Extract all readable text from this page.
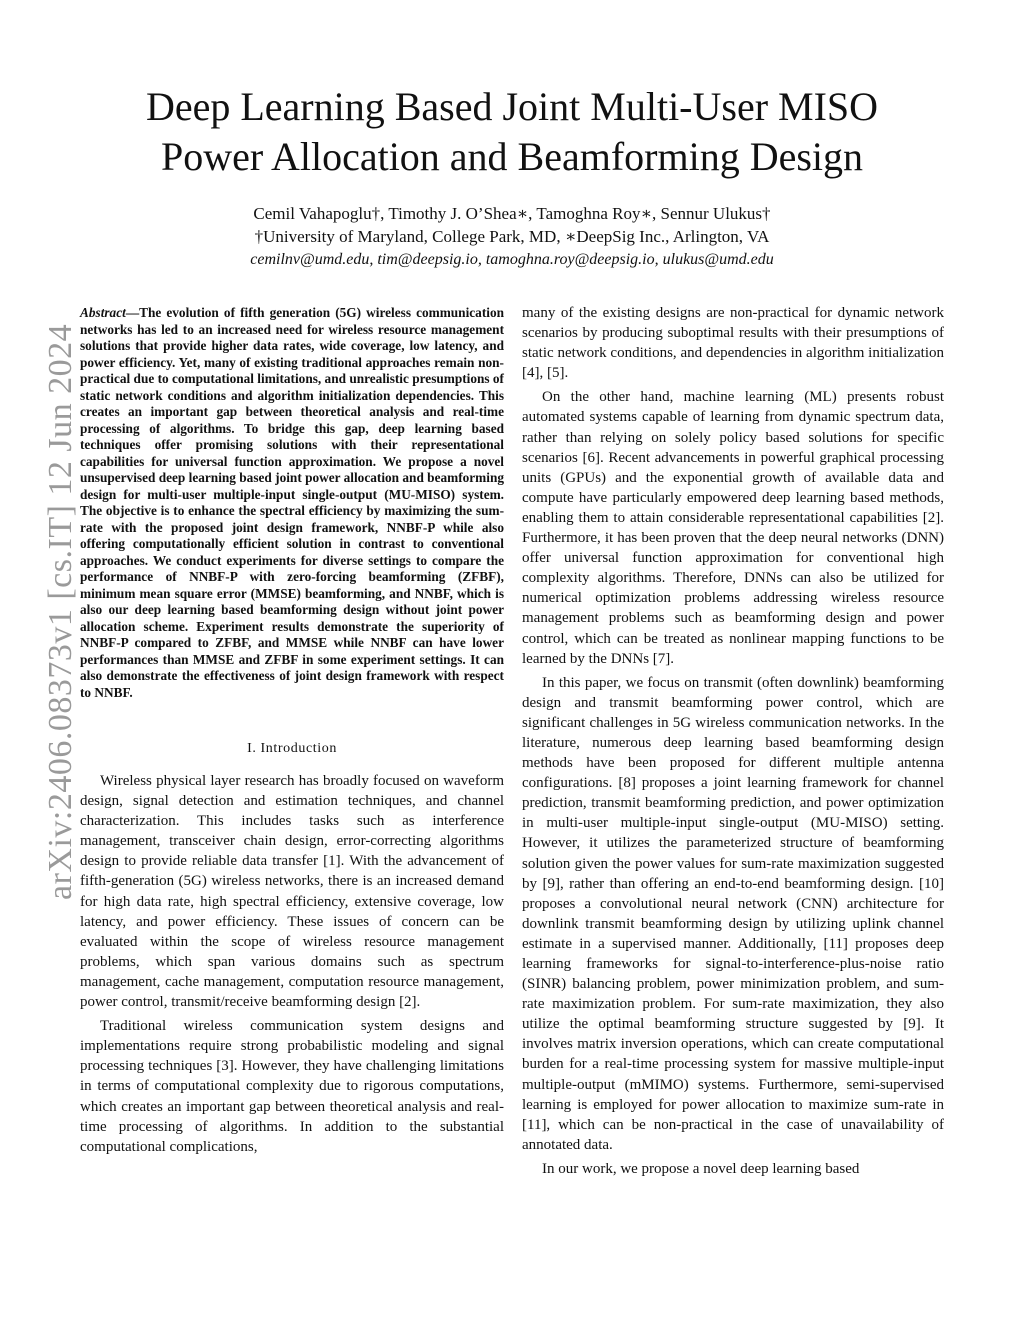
arXiv:2406.08373v1 [cs.IT] 12 Jun 2024
Deep Learning Based Joint Multi-User MISO
Power Allocation and Beamforming Design
Cemil Vahapoglu†, Timothy J. O’Shea∗, Tamoghna Roy∗, Sennur Ulukus†
†University of Maryland, College Park, MD, ∗DeepSig Inc., Arlington, VA
cemilnv@umd.edu, tim@deepsig.io, tamoghna.roy@deepsig.io, ulukus@umd.edu

Abstract—The evolution of fifth generation (5G) wireless communication networks has led to an increased need for wireless resource management solutions that provide higher data rates, wide coverage, low latency, and power efficiency. Yet, many of existing traditional approaches remain non-practical due to computational limitations, and unrealistic presumptions of static network conditions and algorithm initialization dependencies. This creates an important gap between theoretical analysis and real-time processing of algorithms. To bridge this gap, deep learning based techniques offer promising solutions with their representational capabilities for universal function approximation. We propose a novel unsupervised deep learning based joint power allocation and beamforming design for multi-user multiple-input single-output (MU-MISO) system. The objective is to enhance the spectral efficiency by maximizing the sum-rate with the proposed joint design framework, NNBF-P while also offering computationally efficient solution in contrast to conventional approaches. We conduct experiments for diverse settings to compare the performance of NNBF-P with zero-forcing beamforming (ZFBF), minimum mean square error (MMSE) beamforming, and NNBF, which is also our deep learning based beamforming design without joint power allocation scheme. Experiment results demonstrate the superiority of NNBF-P compared to ZFBF, and MMSE while NNBF can have lower performances than MMSE and ZFBF in some experiment settings. It can also demonstrate the effectiveness of joint design framework with respect to NNBF.

I. Introduction

Wireless physical layer research has broadly focused on waveform design, signal detection and estimation techniques, and channel characterization. This includes tasks such as interference management, transceiver chain design, error-correcting algorithms design to provide reliable data transfer [1]. With the advancement of fifth-generation (5G) wireless networks, there is an increased demand for high data rate, high spectral efficiency, extensive coverage, low latency, and power efficiency. These issues of concern can be evaluated within the scope of wireless resource management problems, which span various domains such as spectrum management, cache management, computation resource management, power control, transmit/receive beamforming design [2].

Traditional wireless communication system designs and implementations require strong probabilistic modeling and signal processing techniques [3]. However, they have challenging limitations in terms of computational complexity due to rigorous computations, which creates an important gap between theoretical analysis and real-time processing of algorithms. In addition to the substantial computational complications,

many of the existing designs are non-practical for dynamic network scenarios by producing suboptimal results with their presumptions of static network conditions, and dependencies in algorithm initialization [4], [5].

On the other hand, machine learning (ML) presents robust automated systems capable of learning from dynamic spectrum data, rather than relying on solely policy based solutions for specific scenarios [6]. Recent advancements in powerful graphical processing units (GPUs) and the exponential growth of available data and compute have particularly empowered deep learning based methods, enabling them to attain considerable representational capabilities [2]. Furthermore, it has been proven that the deep neural networks (DNN) offer universal function approximation for conventional high complexity algorithms. Therefore, DNNs can also be utilized for numerical optimization problems addressing wireless resource management problems such as beamforming design and power control, which can be treated as nonlinear mapping functions to be learned by the DNNs [7].

In this paper, we focus on transmit (often downlink) beamforming design and transmit beamforming power control, which are significant challenges in 5G wireless communication networks. In the literature, numerous deep learning based beamforming design methods have been proposed for different multiple antenna configurations. [8] proposes a joint learning framework for channel prediction, transmit beamforming prediction, and power optimization in multi-user multiple-input single-output (MU-MISO) setting. However, it utilizes the parameterized structure of beamforming solution given the power values for sum-rate maximization suggested by [9], rather than offering an end-to-end beamforming design. [10] proposes a convolutional neural network (CNN) architecture for downlink transmit beamforming design by utilizing uplink channel estimate in a supervised manner. Additionally, [11] proposes deep learning frameworks for signal-to-interference-plus-noise ratio (SINR) balancing problem, power minimization problem, and sum-rate maximization problem. For sum-rate maximization, they also utilize the optimal beamforming structure suggested by [9]. It involves matrix inversion operations, which can create computational burden for a real-time processing system for massive multiple-input multiple-output (mMIMO) systems. Furthermore, semi-supervised learning is employed for power allocation to maximize sum-rate in [11], which can be non-practical in the case of unavailability of annotated data.

In our work, we propose a novel deep learning based
